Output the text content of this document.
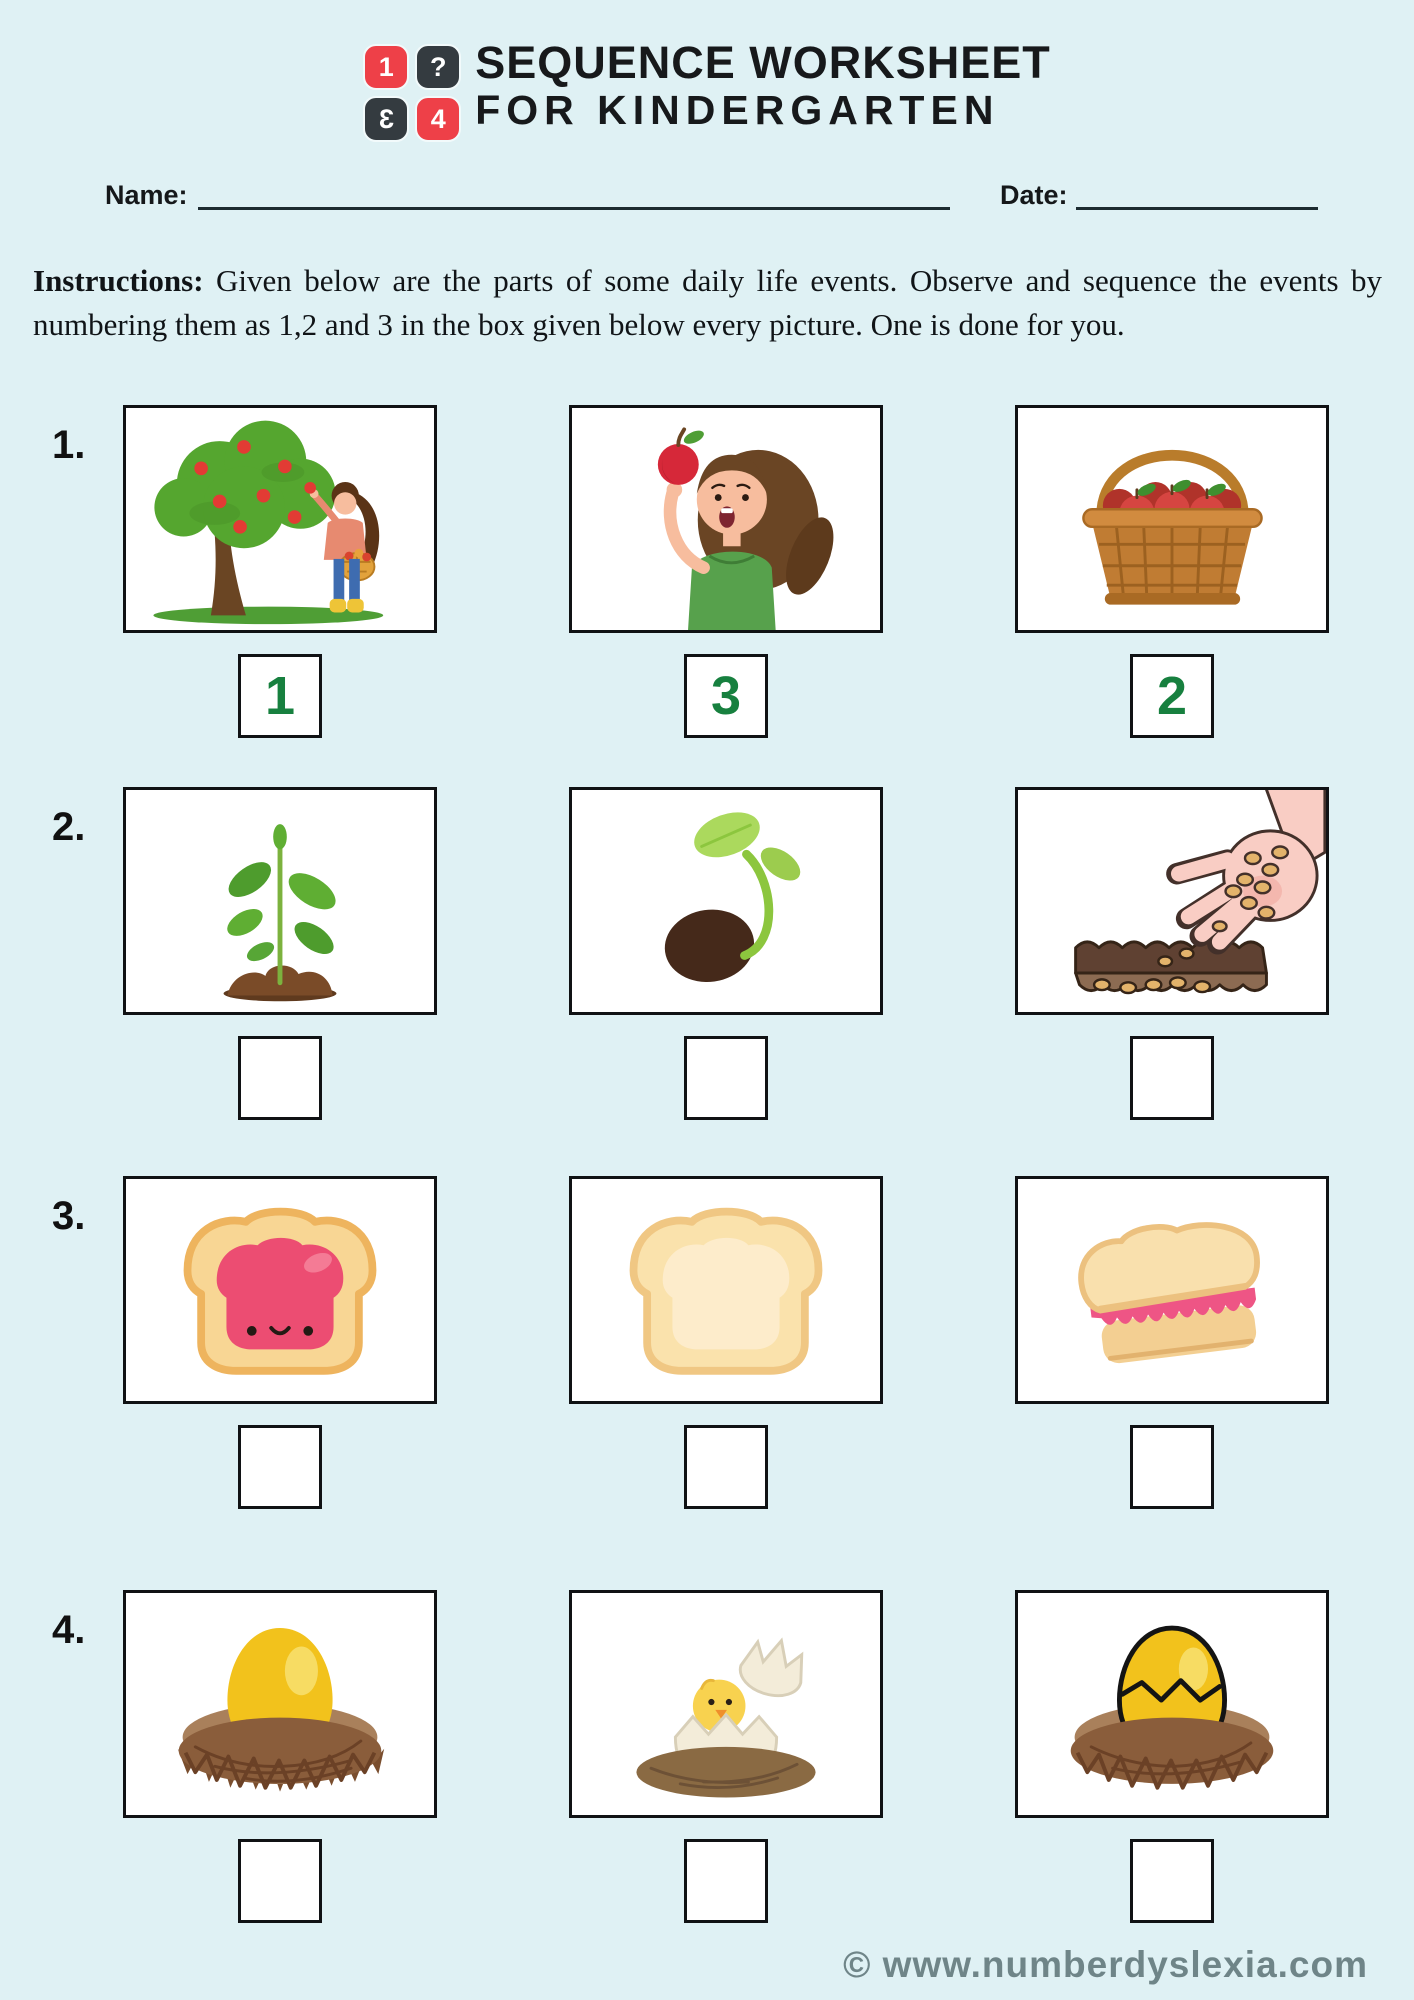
1 ?
3 4
SEQUENCE WORKSHEET
FOR KINDERGARTEN
Name:	Date:

Instructions: Given below are the parts of some daily life events. Observe and sequence the events by numbering them as 1,2 and 3 in the box given below every picture. One is done for you.

1.
1	3	2
2.
3.
4.
© www.numberdyslexia.com
